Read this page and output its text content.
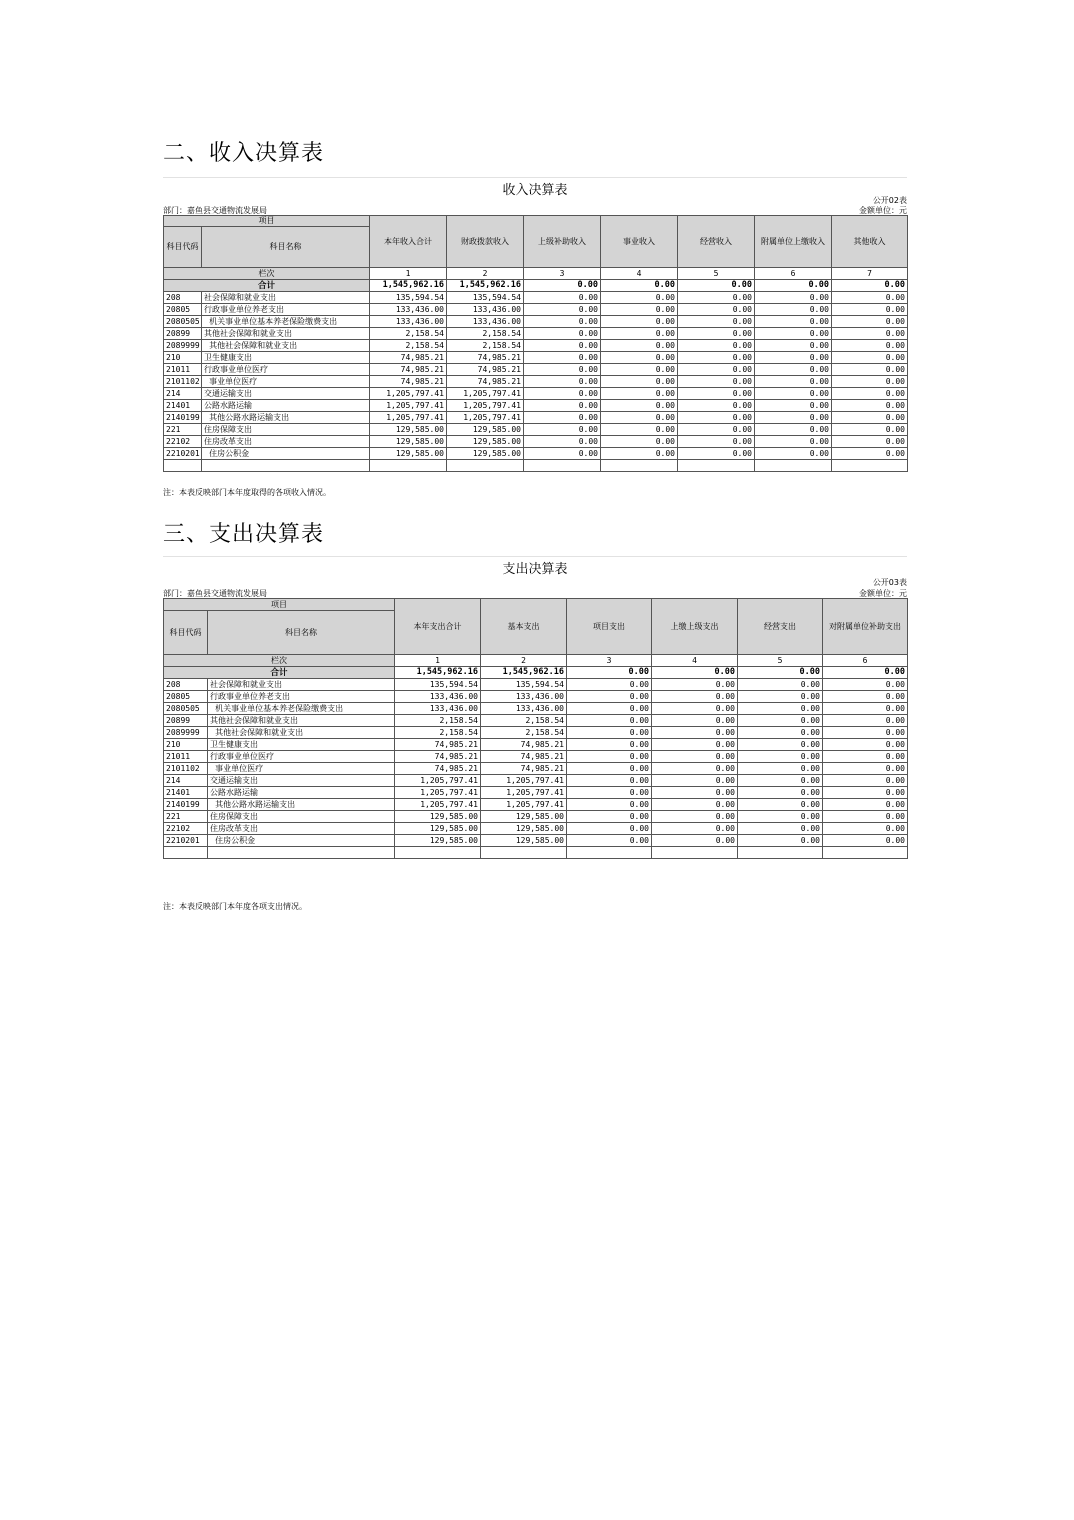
二、收入决算表
收入决算表
公开02表
部门：嘉鱼县交通物流发展局	金额单位：元
项目		本年收入合计	财政拨款收入	上级补助收入	事业收入	经营收入	附属单位上缴收入	其他收入
科目代码	科目名称							
栏次		1	2	3	4	5	6	7
合计		1,545,962.16	1,545,962.16	0.00	0.00	0.00	0.00	0.00
208	社会保障和就业支出	135,594.54	135,594.54	0.00	0.00	0.00	0.00	0.00
20805	行政事业单位养老支出	133,436.00	133,436.00	0.00	0.00	0.00	0.00	0.00
2080505	机关事业单位基本养老保险缴费支出	133,436.00	133,436.00	0.00	0.00	0.00	0.00	0.00
20899	其他社会保障和就业支出	2,158.54	2,158.54	0.00	0.00	0.00	0.00	0.00
2089999	其他社会保障和就业支出	2,158.54	2,158.54	0.00	0.00	0.00	0.00	0.00
210	卫生健康支出	74,985.21	74,985.21	0.00	0.00	0.00	0.00	0.00
21011	行政事业单位医疗	74,985.21	74,985.21	0.00	0.00	0.00	0.00	0.00
2101102	事业单位医疗	74,985.21	74,985.21	0.00	0.00	0.00	0.00	0.00
214	交通运输支出	1,205,797.41	1,205,797.41	0.00	0.00	0.00	0.00	0.00
21401	公路水路运输	1,205,797.41	1,205,797.41	0.00	0.00	0.00	0.00	0.00
2140199	其他公路水路运输支出	1,205,797.41	1,205,797.41	0.00	0.00	0.00	0.00	0.00
221	住房保障支出	129,585.00	129,585.00	0.00	0.00	0.00	0.00	0.00
22102	住房改革支出	129,585.00	129,585.00	0.00	0.00	0.00	0.00	0.00
2210201	住房公积金	129,585.00	129,585.00	0.00	0.00	0.00	0.00	0.00

注：本表反映部门本年度取得的各项收入情况。
三、支出决算表
支出决算表
公开03表
部门：嘉鱼县交通物流发展局	金额单位：元
项目		本年支出合计	基本支出	项目支出	上缴上级支出	经营支出	对附属单位补助支出
科目代码	科目名称						
栏次		1	2	3	4	5	6
合计		1,545,962.16	1,545,962.16	0.00	0.00	0.00	0.00
208	社会保障和就业支出	135,594.54	135,594.54	0.00	0.00	0.00	0.00
20805	行政事业单位养老支出	133,436.00	133,436.00	0.00	0.00	0.00	0.00
2080505	机关事业单位基本养老保险缴费支出	133,436.00	133,436.00	0.00	0.00	0.00	0.00
20899	其他社会保障和就业支出	2,158.54	2,158.54	0.00	0.00	0.00	0.00
2089999	其他社会保障和就业支出	2,158.54	2,158.54	0.00	0.00	0.00	0.00
210	卫生健康支出	74,985.21	74,985.21	0.00	0.00	0.00	0.00
21011	行政事业单位医疗	74,985.21	74,985.21	0.00	0.00	0.00	0.00
2101102	事业单位医疗	74,985.21	74,985.21	0.00	0.00	0.00	0.00
214	交通运输支出	1,205,797.41	1,205,797.41	0.00	0.00	0.00	0.00
21401	公路水路运输	1,205,797.41	1,205,797.41	0.00	0.00	0.00	0.00
2140199	其他公路水路运输支出	1,205,797.41	1,205,797.41	0.00	0.00	0.00	0.00
221	住房保障支出	129,585.00	129,585.00	0.00	0.00	0.00	0.00
22102	住房改革支出	129,585.00	129,585.00	0.00	0.00	0.00	0.00
2210201	住房公积金	129,585.00	129,585.00	0.00	0.00	0.00	0.00

注：本表反映部门本年度各项支出情况。
